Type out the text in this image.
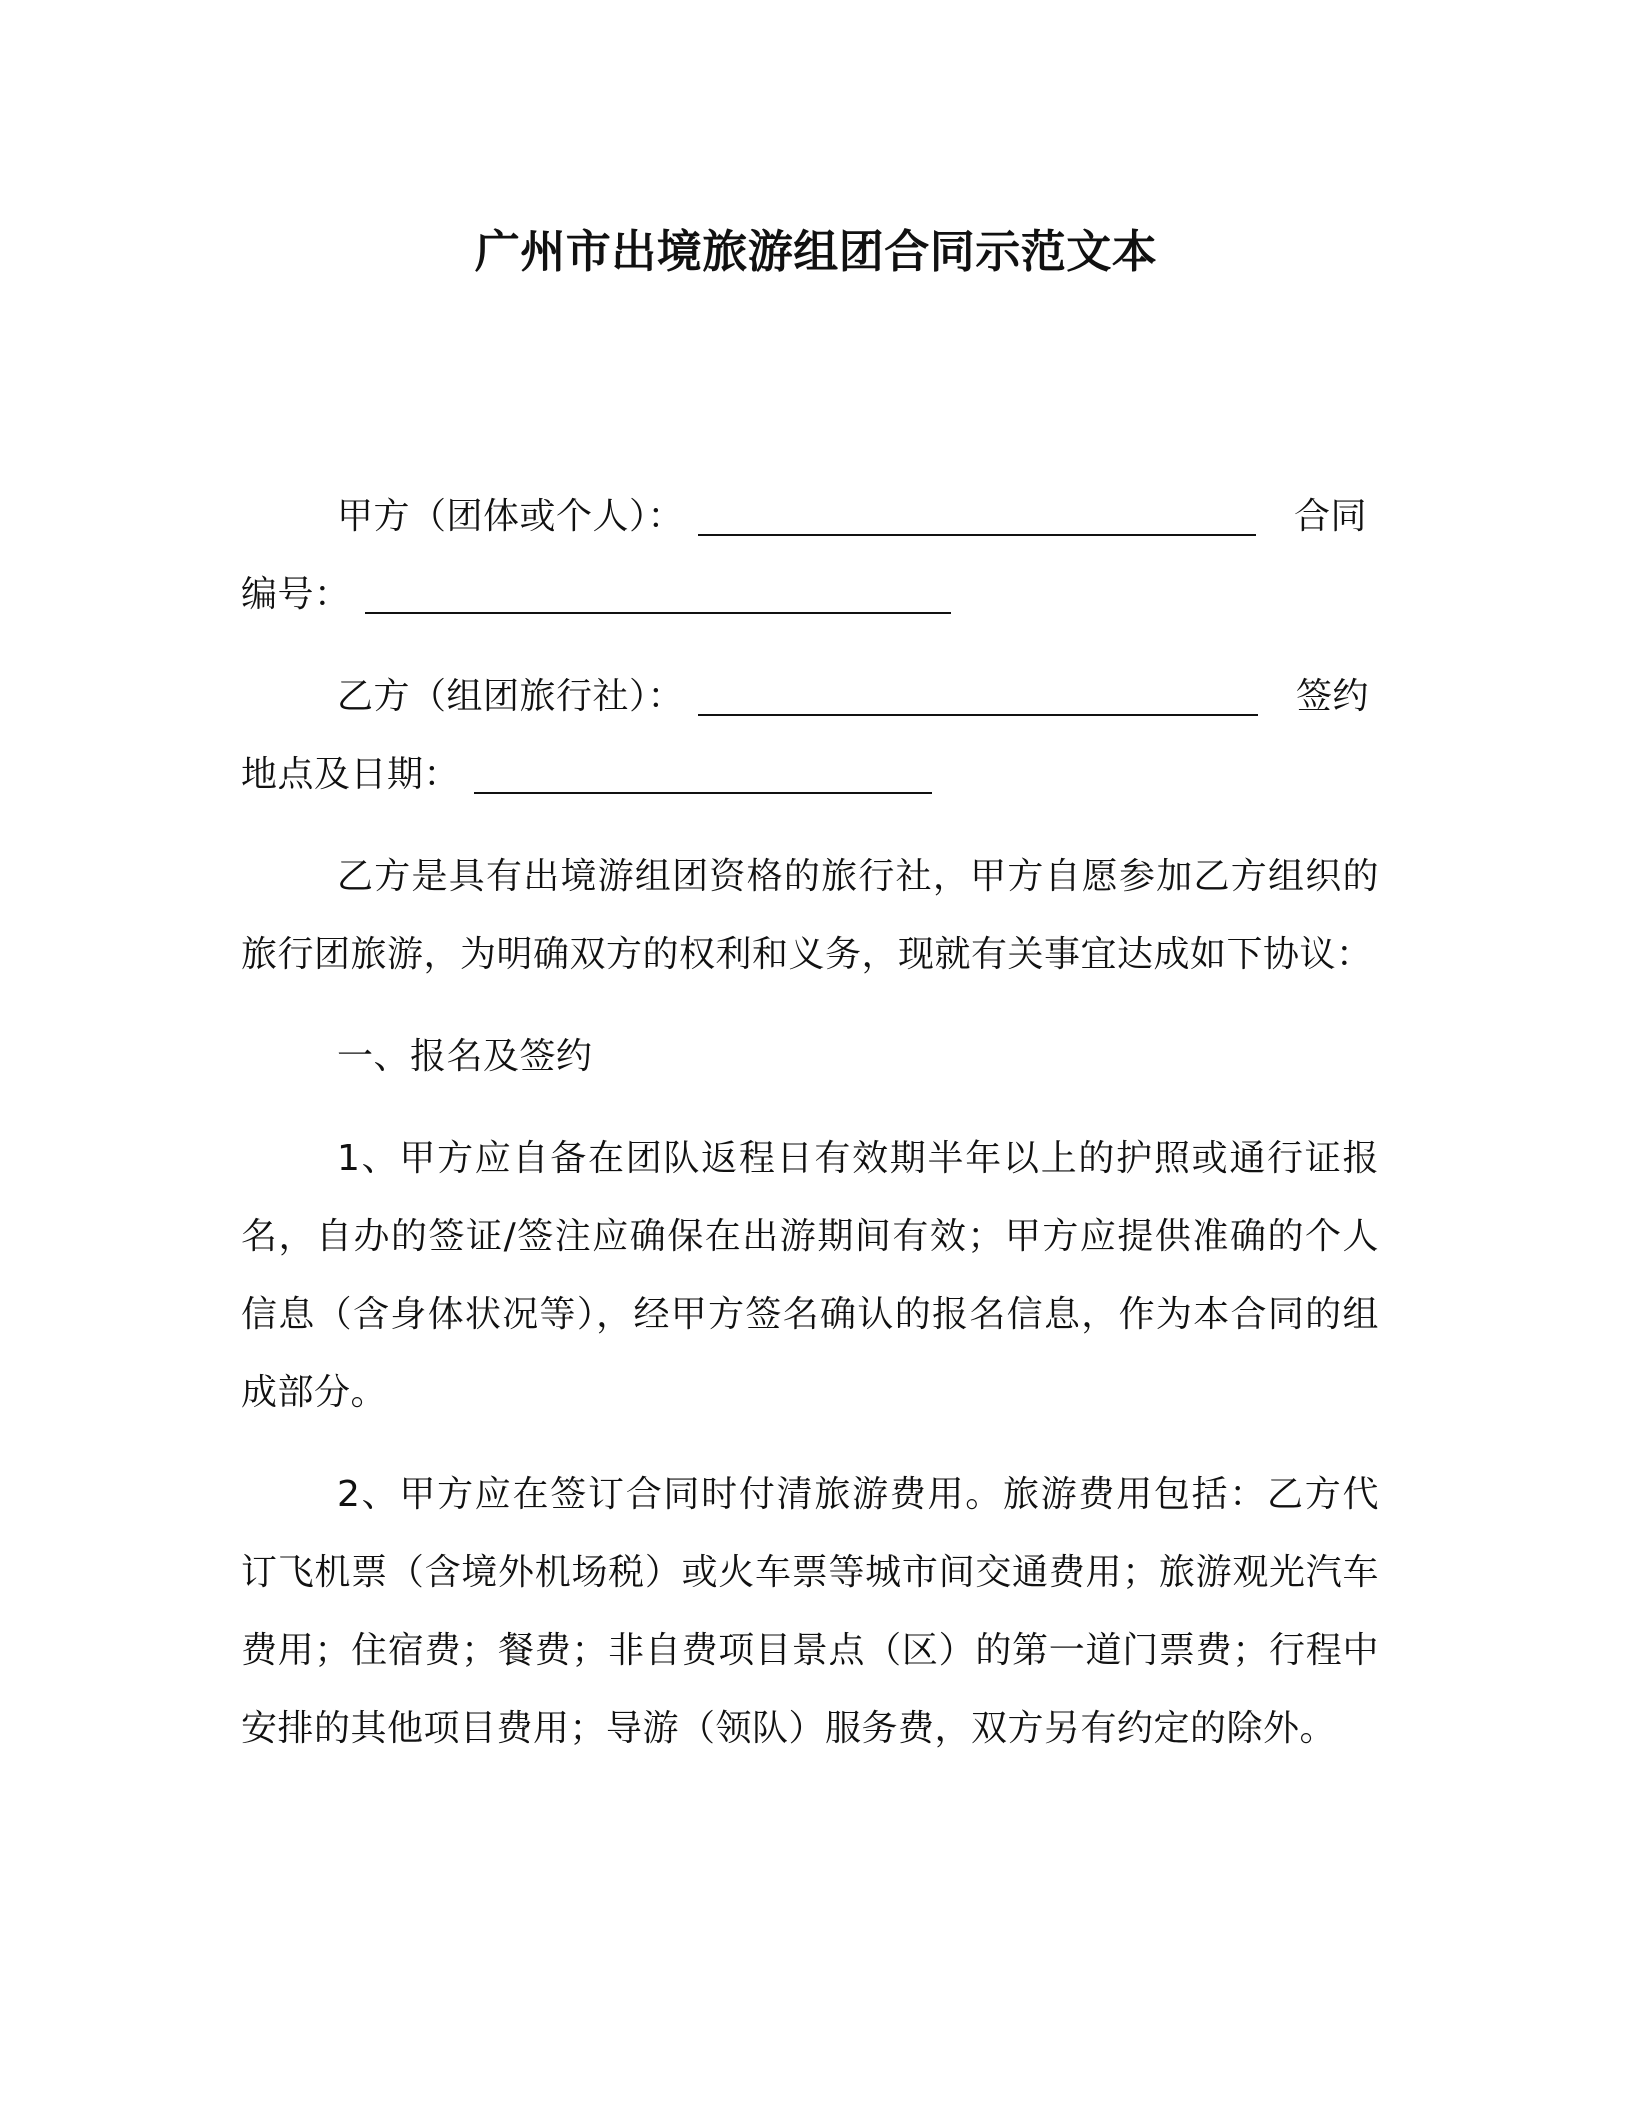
广州市出境旅游组团合同示范文本
甲方（团体或个人）：	合同
编号：
乙方（组团旅行社）：	签约
地点及日期：

乙方是具有出境游组团资格的旅行社，甲方自愿参加乙方组织的旅行团旅游，为明确双方的权利和义务，现就有关事宜达成如下协议：

一、报名及签约

1、甲方应自备在团队返程日有效期半年以上的护照或通行证报名，自办的签证/签注应确保在出游期间有效；甲方应提供准确的个人信息（含身体状况等），经甲方签名确认的报名信息，作为本合同的组成部分。

2、甲方应在签订合同时付清旅游费用。旅游费用包括：乙方代订飞机票（含境外机场税）或火车票等城市间交通费用；旅游观光汽车费用；住宿费；餐费；非自费项目景点（区）的第一道门票费；行程中安排的其他项目费用；导游（领队）服务费，双方另有约定的除外。
